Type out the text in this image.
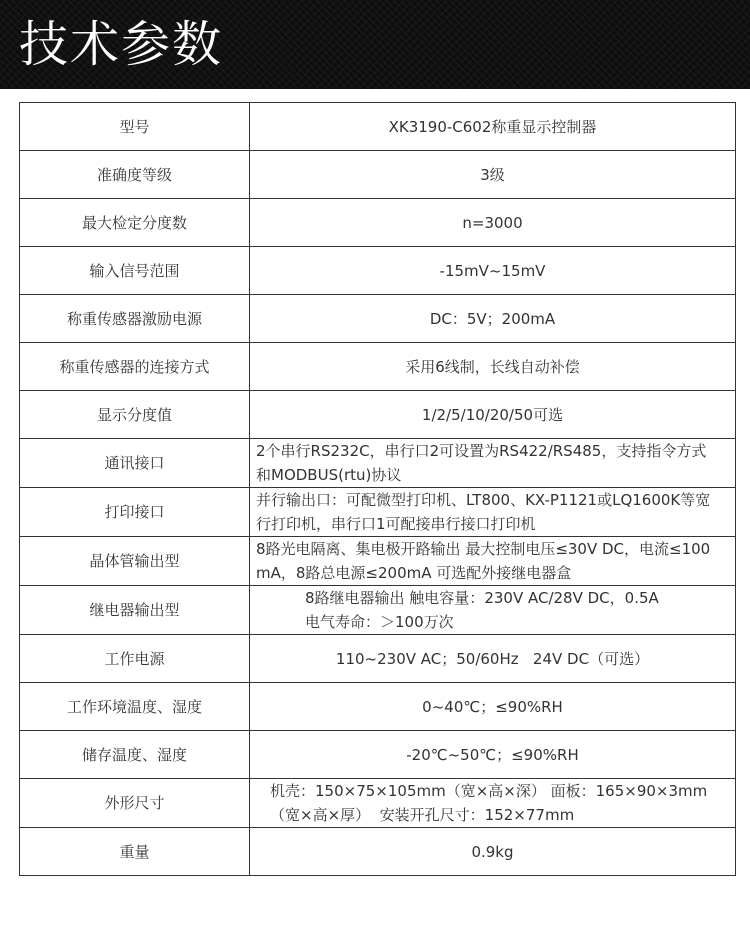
技术参数
型号	XK3190-C602称重显示控制器
准确度等级	3级
最大检定分度数	n=3000
输入信号范围	-15mV~15mV
称重传感器激励电源	DC：5V；200mA
称重传感器的连接方式	采用6线制，长线自动补偿
显示分度值	1/2/5/10/20/50可选
通讯接口	2个串行RS232C，串行口2可设置为RS422/RS485，支持指令方式
和MODBUS(rtu)协议

打印接口	并行输出口：可配微型打印机、LT800、KX-P1121或LQ1600K等宽
行打印机，串行口1可配接串行接口打印机

晶体管输出型	8路光电隔离、集电极开路输出 最大控制电压≤30V DC，电流≤100
mA，8路总电源≤200mA 可选配外接继电器盒

继电器输出型	8路继电器输出 触电容量：230V AC/28V DC，0.5A
电气寿命：＞100万次

工作电源	110~230V AC；50/60Hz   24V DC（可选）
工作环境温度、湿度	0~40℃；≤90%RH
储存温度、湿度	-20℃~50℃；≤90%RH
外形尺寸	机壳：150×75×105mm（宽×高×深） 面板：165×90×3mm
（宽×高×厚）  安装开孔尺寸：152×77mm

重量	0.9kg
